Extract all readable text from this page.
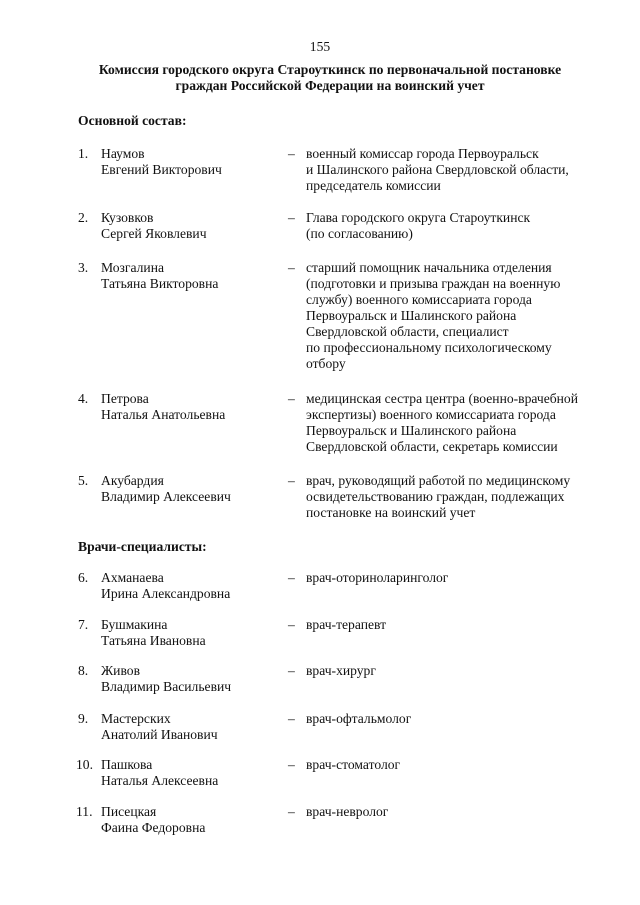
155
Комиссия городского округа Староуткинск по первоначальной постановке
граждан Российской Федерации на воинский учет
Основной состав:
1. Наумов
Евгений Викторович
– военный комиссар города Первоуральск
и Шалинского района Свердловской области,
председатель комиссии
2. Кузовков
Сергей Яковлевич
– Глава городского округа Староуткинск
(по согласованию)
3. Мозгалина
Татьяна Викторовна
– старший помощник начальника отделения
(подготовки и призыва граждан на военную
службу) военного комиссариата города
Первоуральск и Шалинского района
Свердловской области, специалист
по профессиональному психологическому
отбору
4. Петрова
Наталья Анатольевна
– медицинская сестра центра (военно-врачебной
экспертизы) военного комиссариата города
Первоуральск и Шалинского района
Свердловской области, секретарь комиссии
5. Акубардия
Владимир Алексеевич
– врач, руководящий работой по медицинскому
освидетельствованию граждан, подлежащих
постановке на воинский учет
Врачи-специалисты:
6. Ахманаева
Ирина Александровна
– врач-оториноларинголог
7. Бушмакина
Татьяна Ивановна
– врач-терапевт
8. Живов
Владимир Васильевич
– врач-хирург
9. Мастерских
Анатолий Иванович
– врач-офтальмолог
10. Пашкова
Наталья Алексеевна
– врач-стоматолог
11. Писецкая
Фаина Федоровна
– врач-невролог
